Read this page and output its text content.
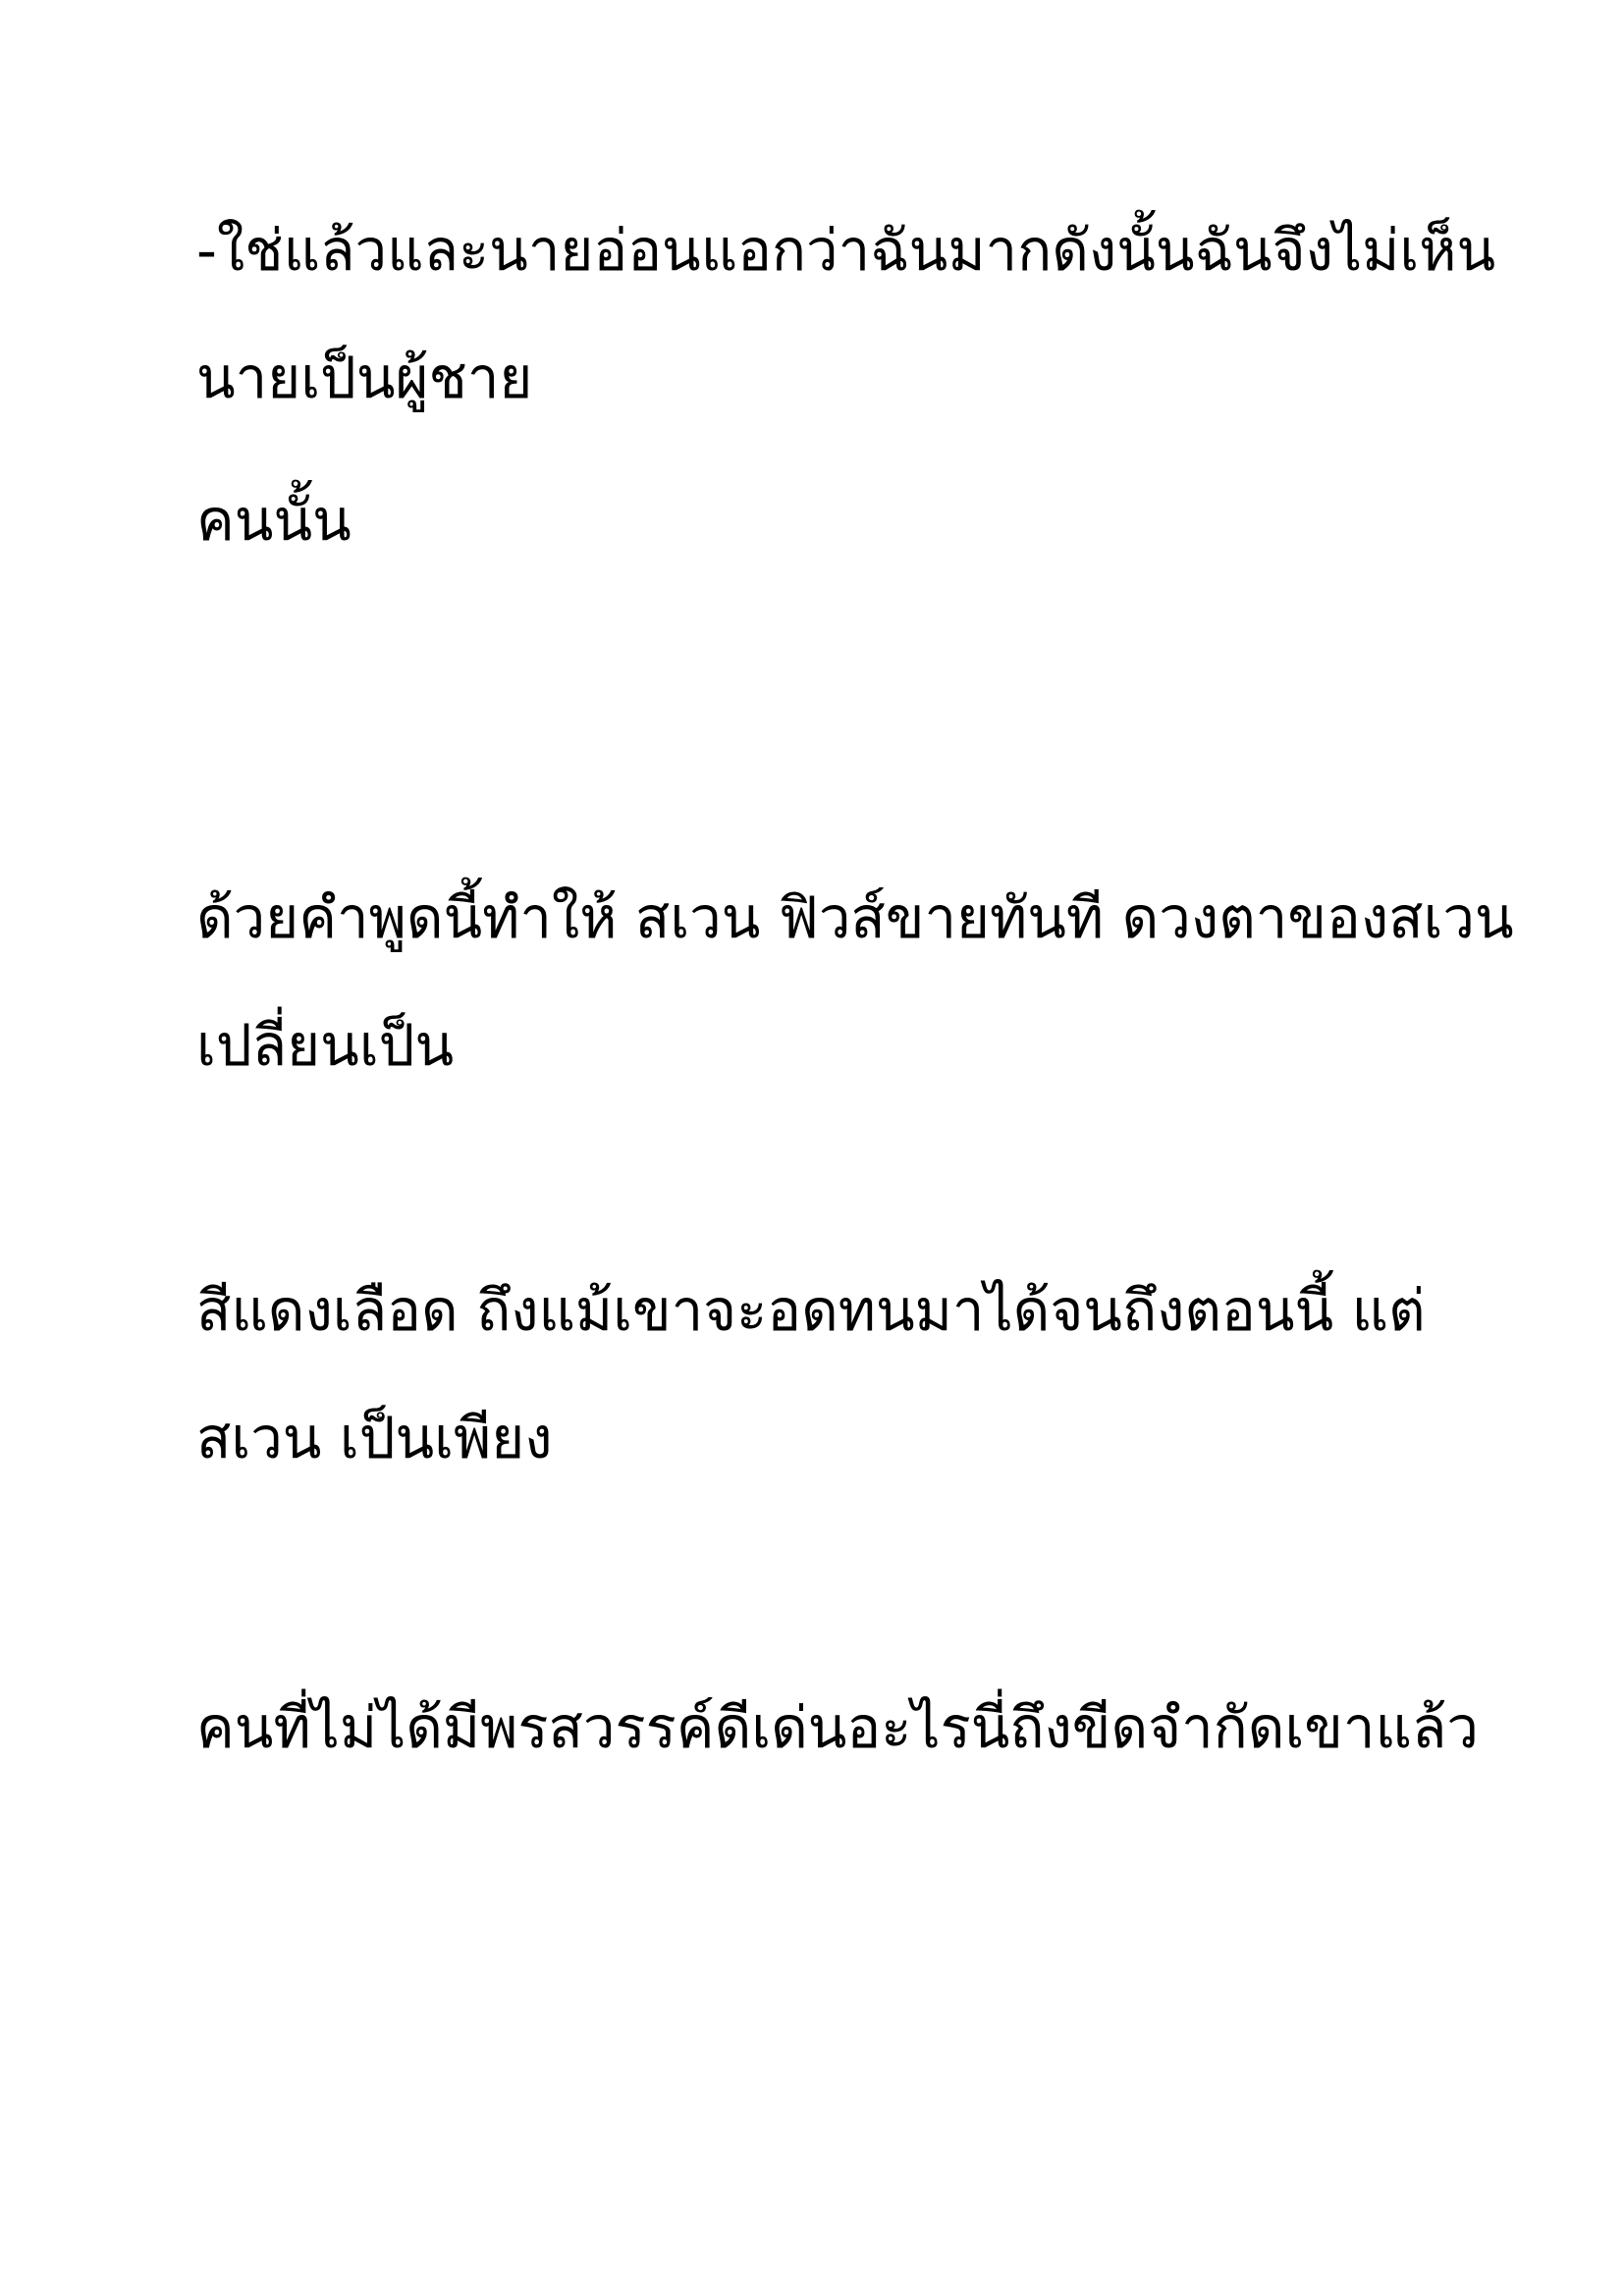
-ใช่แล้วและนายอ่อนแอกว่าฉันมากดังนั้นฉันจึงไม่เห็น

นายเป็นผู้ชาย

คนนั้น

ด้วยคำพูดนี้ทำให้ สเวน ฟิวส์ขายทันที ดวงตาของสเวน

เปลี่ยนเป็น

สีแดงเลือด ถึงแม้เขาจะอดทนมาได้จนถึงตอนนี้ แต่

สเวน เป็นเพียง

คนที่ไม่ได้มีพรสวรรค์ดีเด่นอะไรนี่ถึงขีดจำกัดเขาแล้ว
